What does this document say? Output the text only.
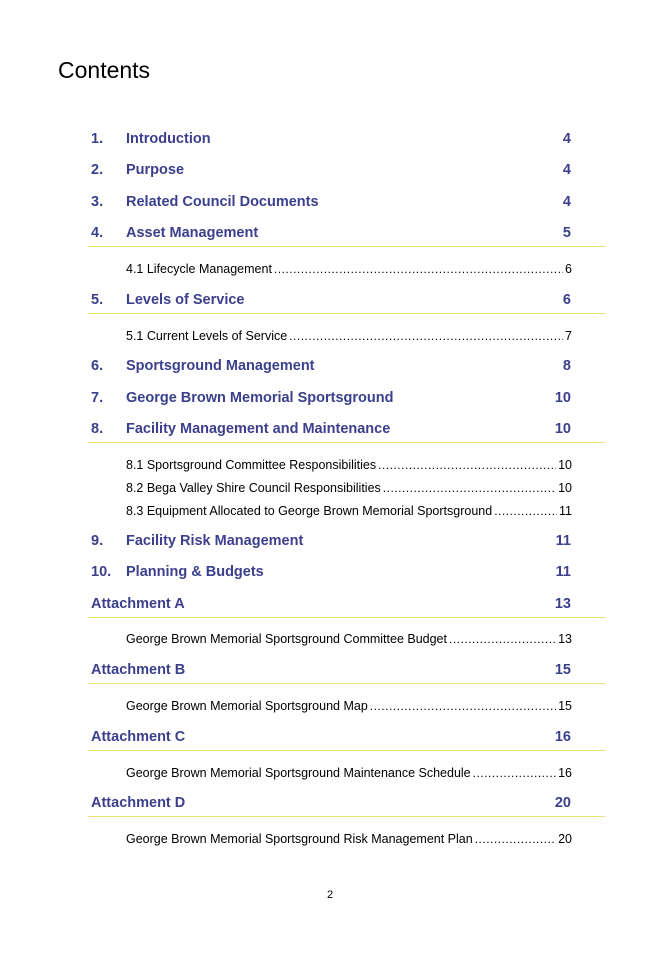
Contents
1. Introduction	4
2. Purpose	4
3. Related Council Documents	4
4. Asset Management	5
4.1 Lifecycle Management .....	6
5. Levels of Service	6
5.1 Current Levels of Service .....	7
6. Sportsground Management	8
7. George Brown Memorial Sportsground	10
8. Facility Management and Maintenance	10
8.1 Sportsground Committee Responsibilities .....	10
8.2 Bega Valley Shire Council Responsibilities .....	10
8.3 Equipment Allocated to George Brown Memorial Sportsground .....	11
9. Facility Risk Management	11
10. Planning & Budgets	11
Attachment A	13
George Brown Memorial Sportsground Committee Budget .....	13
Attachment B	15
George Brown Memorial Sportsground Map .....	15
Attachment C	16
George Brown Memorial Sportsground Maintenance Schedule .....	16
Attachment D	20
George Brown Memorial Sportsground Risk Management Plan .....	20
2
